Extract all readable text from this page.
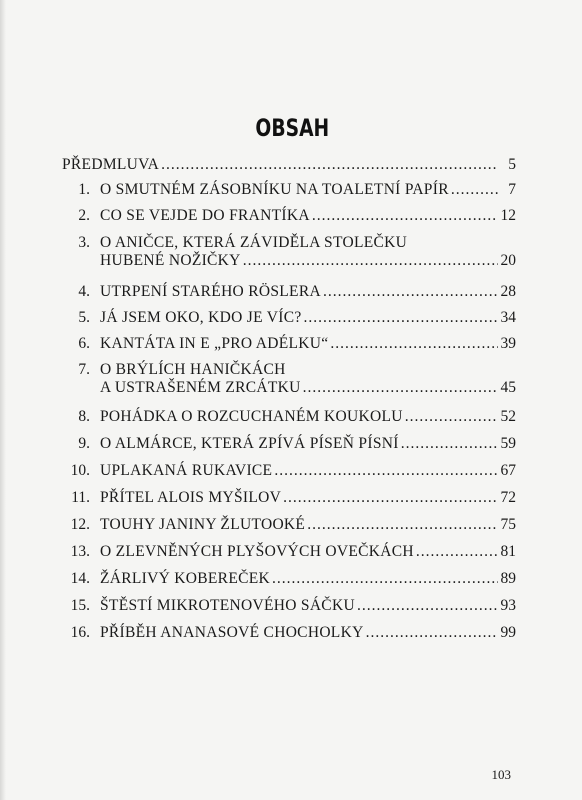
OBSAH
PŘEDMLUVA .....	5
1. O SMUTNÉM ZÁSOBNÍKU NA TOALETNÍ PAPÍR .....	7
2. CO SE VEJDE DO FRANTÍKA .....	12
3. O ANIČCE, KTERÁ ZÁVIDĚLA STOLEČKU
HUBENÉ NOŽIČKY .....	20
4. UTRPENÍ STARÉHO RÖSLERA .....	28
5. JÁ JSEM OKO, KDO JE VÍC? .....	34
6. KANTÁTA IN E „PRO ADÉLKU“ .....	39
7. O BRÝLÍCH HANIČKÁCH
A USTRAŠENÉM ZRCÁTKU .....	45
8. POHÁDKA O ROZCUCHANÉM KOUKOLU .....	52
9. O ALMÁRCE, KTERÁ ZPÍVÁ PÍSEŇ PÍSNÍ .....	59
10. UPLAKANÁ RUKAVICE .....	67
11. PŘÍTEL ALOIS MYŠILOV .....	72
12. TOUHY JANINY ŽLUTOOKÉ .....	75
13. O ZLEVNĚNÝCH PLYŠOVÝCH OVEČKÁCH .....	81
14. ŽÁRLIVÝ KOBEREČEK .....	89
15. ŠTĚSTÍ MIKROTENOVÉHO SÁČKU .....	93
16. PŘÍBĚH ANANASOVÉ CHOCHOLKY .....	99
103
